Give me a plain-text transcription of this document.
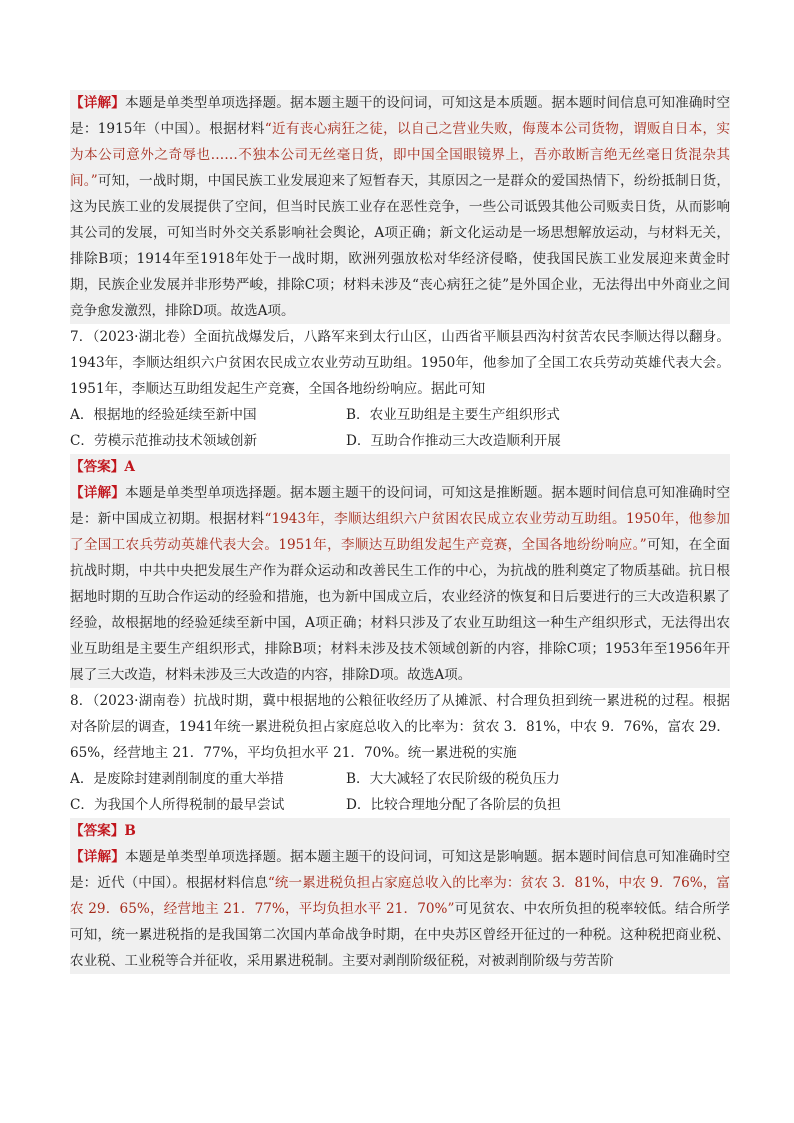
【详解】本题是单类型单项选择题。据本题主题干的设问词，可知这是本质题。据本题时间信息可知准确时空是：1915年（中国）。根据材料“近有丧心病狂之徒，以自己之营业失败，侮蔑本公司货物，谓贩自日本，实为本公司意外之奇辱也……不独本公司无丝毫日货，即中国全国眼镜界上，吾亦敢断言绝无丝毫日货混杂其间。”可知，一战时期，中国民族工业发展迎来了短暂春天，其原因之一是群众的爱国热情下，纷纷抵制日货，这为民族工业的发展提供了空间，但当时民族工业存在恶性竞争，一些公司诋毁其他公司贩卖日货，从而影响其公司的发展，可知当时外交关系影响社会舆论，A项正确；新文化运动是一场思想解放运动，与材料无关，排除B项；1914年至1918年处于一战时期，欧洲列强放松对华经济侵略，使我国民族工业发展迎来黄金时期，民族企业发展并非形势严峻，排除C项；材料未涉及“丧心病狂之徒”是外国企业，无法得出中外商业之间竞争愈发激烈，排除D项。故选A项。

7．（2023·湖北卷）全面抗战爆发后，八路军来到太行山区，山西省平顺县西沟村贫苦农民李顺达得以翻身。1943年，李顺达组织六户贫困农民成立农业劳动互助组。1950年，他参加了全国工农兵劳动英雄代表大会。1951年，李顺达互助组发起生产竞赛，全国各地纷纷响应。据此可知

A．根据地的经验延续至新中国	B．农业互助组是主要生产组织形式
C．劳模示范推动技术领域创新	D．互助合作推动三大改造顺利开展

【答案】A

【详解】本题是单类型单项选择题。据本题主题干的设问词，可知这是推断题。据本题时间信息可知准确时空是：新中国成立初期。根据材料“1943年，李顺达组织六户贫困农民成立农业劳动互助组。1950年，他参加了全国工农兵劳动英雄代表大会。1951年，李顺达互助组发起生产竞赛，全国各地纷纷响应。”可知，在全面抗战时期，中共中央把发展生产作为群众运动和改善民生工作的中心，为抗战的胜利奠定了物质基础。抗日根据地时期的互助合作运动的经验和措施，也为新中国成立后，农业经济的恢复和日后要进行的三大改造积累了经验，故根据地的经验延续至新中国，A项正确；材料只涉及了农业互助组这一种生产组织形式，无法得出农业互助组是主要生产组织形式，排除B项；材料未涉及技术领域创新的内容，排除C项；1953年至1956年开展了三大改造，材料未涉及三大改造的内容，排除D项。故选A项。

8．（2023·湖南卷）抗战时期，冀中根据地的公粮征收经历了从摊派、村合理负担到统一累进税的过程。根据对各阶层的调查，1941年统一累进税负担占家庭总收入的比率为：贫农 3．81%，中农 9．76%，富农 29．65%，经营地主 21．77%，平均负担水平 21．70%。统一累进税的实施

A．是废除封建剥削制度的重大举措	B．大大减轻了农民阶级的税负压力
C．为我国个人所得税制的最早尝试	D．比较合理地分配了各阶层的负担

【答案】B

【详解】本题是单类型单项选择题。据本题主题干的设问词，可知这是影响题。据本题时间信息可知准确时空是：近代（中国）。根据材料信息“统一累进税负担占家庭总收入的比率为：贫农 3．81%，中农 9．76%，富农 29．65%，经营地主 21．77%，平均负担水平 21．70%”可见贫农、中农所负担的税率较低。结合所学可知，统一累进税指的是我国第二次国内革命战争时期，在中央苏区曾经开征过的一种税。这种税把商业税、农业税、工业税等合并征收，采用累进税制。主要对剥削阶级征税，对被剥削阶级与劳苦阶
